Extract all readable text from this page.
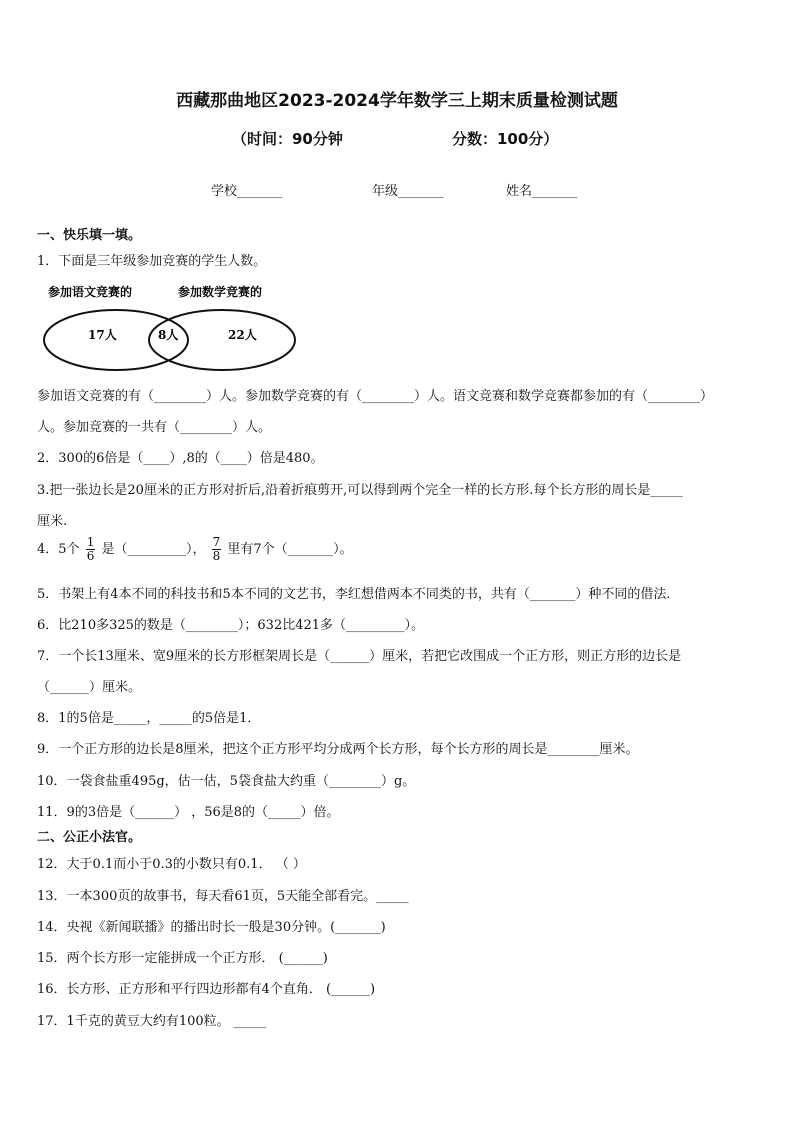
西藏那曲地区2023-2024学年数学三上期末质量检测试题
（时间：90分钟	分数：100分）
学校_______	年级_______	姓名_______
一、快乐填一填。
1．下面是三年级参加竞赛的学生人数。
参加语文竞赛的	参加数学竞赛的
17人	8人	22人
参加语文竞赛的有（________）人。参加数学竞赛的有（________）人。语文竞赛和数学竞赛都参加的有（________）
人。参加竞赛的一共有（________）人。
2．300的6倍是（____）,8的（____）倍是480。
3.把一张边长是20厘米的正方形对折后,沿着折痕剪开,可以得到两个完全一样的长方形.每个长方形的周长是_____
厘米.
4．5个 $\frac{1}{6}$ 是（_________）， $\frac{7}{8}$ 里有7个（_______）。
5．书架上有4本不同的科技书和5本不同的文艺书，李红想借两本不同类的书，共有（_______）种不同的借法．
6．比210多325的数是（________）；632比421多（_________）。
7．一个长13厘米、宽9厘米的长方形框架周长是（______）厘米，若把它改围成一个正方形，则正方形的边长是
（______）厘米。
8．1的5倍是_____，_____的5倍是1．
9．一个正方形的边长是8厘米，把这个正方形平均分成两个长方形，每个长方形的周长是________厘米。
10．一袋食盐重495g，估一估，5袋食盐大约重（________）g。
11．9的3倍是（______） ，56是8的（_____）倍。
二、公正小法官。
12．大于0.1而小于0.3的小数只有0.1． （ ）
13．一本300页的故事书，每天看61页，5天能全部看完。_____
14．央视《新闻联播》的播出时长一般是30分钟。(_______)
15．两个长方形一定能拼成一个正方形． (______)
16．长方形、正方形和平行四边形都有4个直角． (______)
17．1千克的黄豆大约有100粒。 _____
